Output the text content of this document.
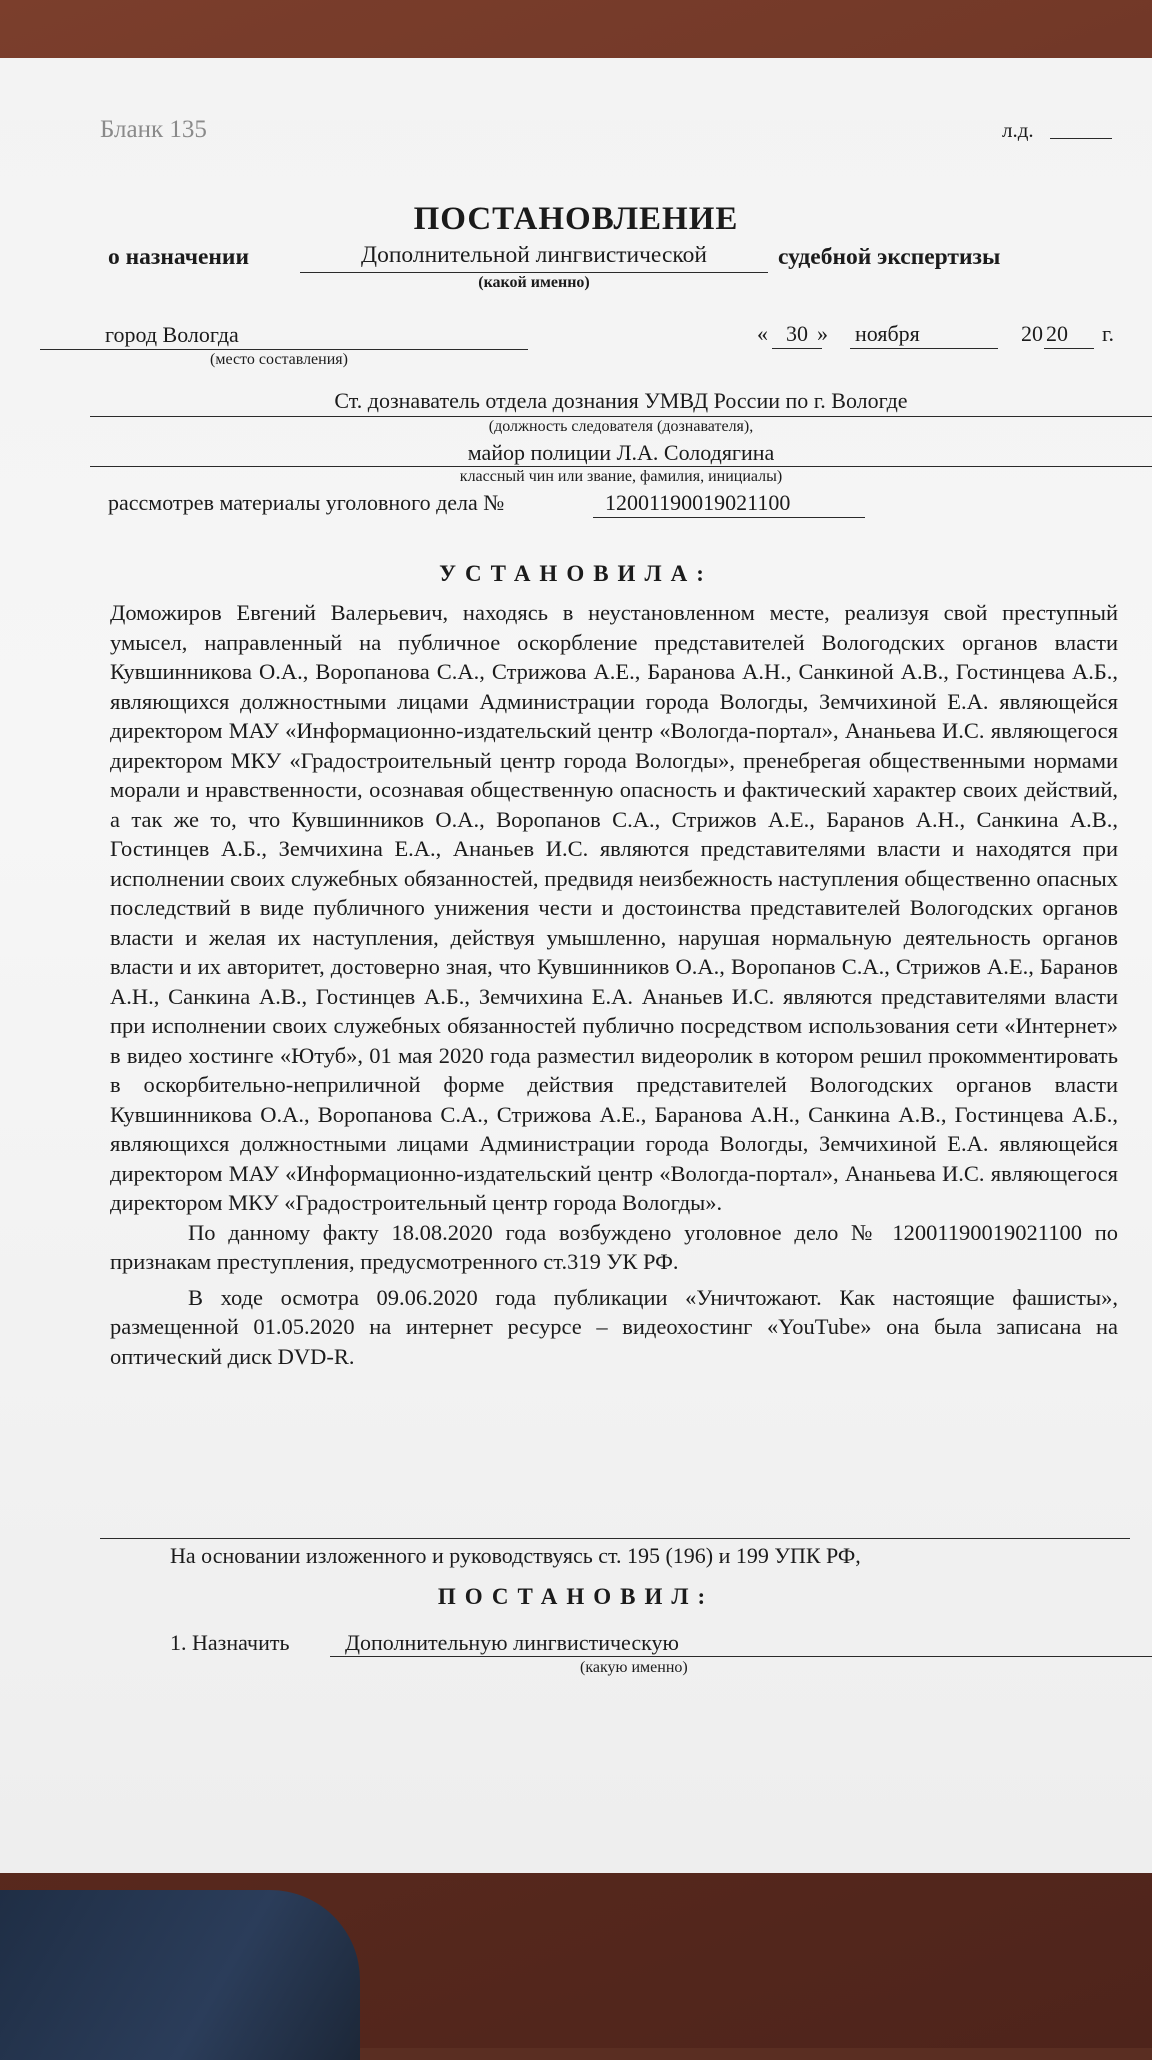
Бланк 135	л.д.
ПОСТАНОВЛЕНИЕ
о назначении	Дополнительной лингвистической	судебной экспертизы
(какой именно)
город Вологда
(место составления)
« 30 » ноября	20 20 г.
Ст. дознаватель отдела дознания УМВД России по г. Вологде
(должность следователя (дознавателя),
майор полиции Л.А. Солодягина
классный чин или звание, фамилия, инициалы)
рассмотрев материалы уголовного дела №	12001190019021100
УСТАНОВИЛА:

Доможиров Евгений Валерьевич, находясь в неустановленном месте, реализуя свой преступный умысел, направленный на публичное оскорбление представителей Вологодских органов власти Кувшинникова О.А., Воропанова С.А., Стрижова А.Е., Баранова А.Н., Санкиной А.В., Гостинцева А.Б., являющихся должностными лицами Администрации города Вологды, Земчихиной Е.А. являющейся директором МАУ «Информационно-издательский центр «Вологда-портал», Ананьева И.С. являющегося директором МКУ «Градостроительный центр города Вологды», пренебрегая общественными нормами морали и нравственности, осознавая общественную опасность и фактический характер своих действий, а так же то, что Кувшинников О.А., Воропанов С.А., Стрижов А.Е., Баранов А.Н., Санкина А.В., Гостинцев А.Б., Земчихина Е.А., Ананьев И.С. являются представителями власти и находятся при исполнении своих служебных обязанностей, предвидя неизбежность наступления общественно опасных последствий в виде публичного унижения чести и достоинства представителей Вологодских органов власти и желая их наступления, действуя умышленно, нарушая нормальную деятельность органов власти и их авторитет, достоверно зная, что Кувшинников О.А., Воропанов С.А., Стрижов А.Е., Баранов А.Н., Санкина А.В., Гостинцев А.Б., Земчихина Е.А. Ананьев И.С. являются представителями власти при исполнении своих служебных обязанностей публично посредством использования сети «Интернет» в видео хостинге «Ютуб», 01 мая 2020 года разместил видеоролик в котором решил прокомментировать в оскорбительно-неприличной форме действия представителей Вологодских органов власти Кувшинникова О.А., Воропанова С.А., Стрижова А.Е., Баранова А.Н., Санкина А.В., Гостинцева А.Б., являющихся должностными лицами Администрации города Вологды, Земчихиной Е.А. являющейся директором МАУ «Информационно-издательский центр «Вологда-портал», Ананьева И.С. являющегося директором МКУ «Градостроительный центр города Вологды».

По данному факту 18.08.2020 года возбуждено уголовное дело № 12001190019021100 по признакам преступления, предусмотренного ст.319 УК РФ.

В ходе осмотра 09.06.2020 года публикации «Уничтожают. Как настоящие фашисты», размещенной 01.05.2020 на интернет ресурсе – видеохостинг «YouTube» она была записана на оптический диск DVD-R.

На основании изложенного и руководствуясь ст. 195 (196) и 199 УПК РФ,
ПОСТАНОВИЛ:
1. Назначить	Дополнительную лингвистическую
(какую именно)
